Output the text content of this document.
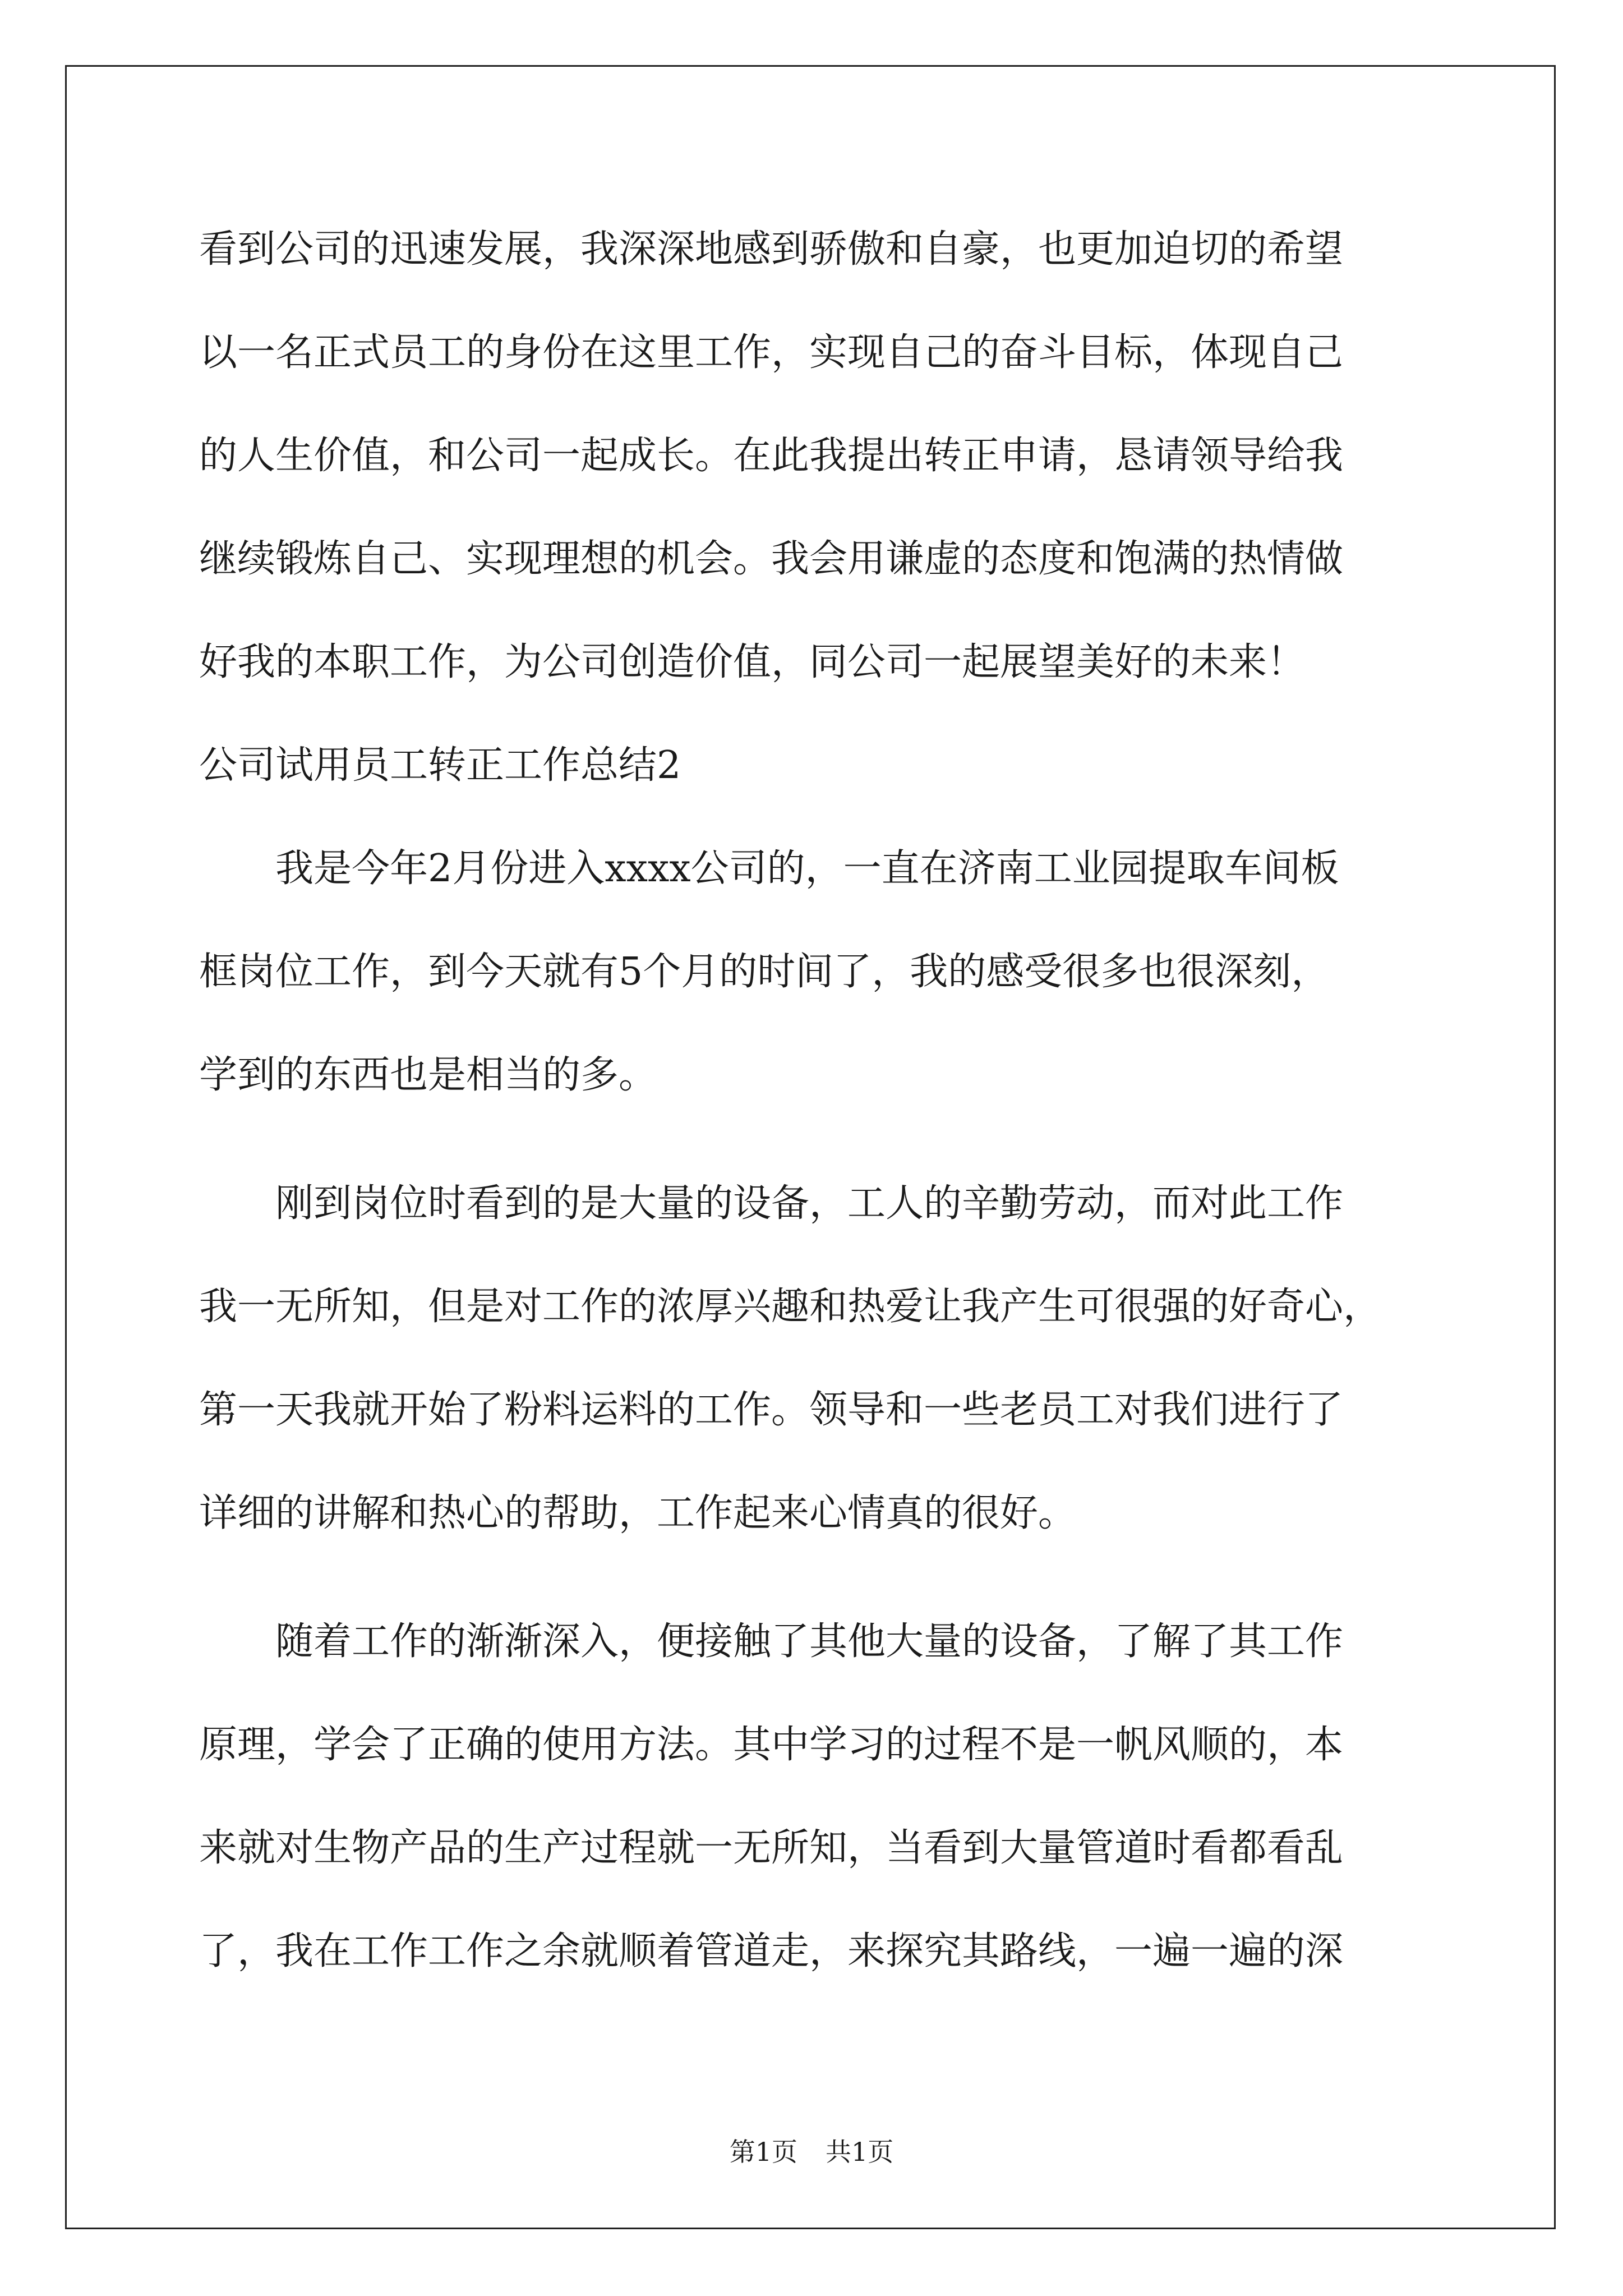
看到公司的迅速发展，我深深地感到骄傲和自豪，也更加迫切的希望

以一名正式员工的身份在这里工作，实现自己的奋斗目标，体现自己

的人生价值，和公司一起成长。在此我提出转正申请，恳请领导给我

继续锻炼自己、实现理想的机会。我会用谦虚的态度和饱满的热情做

好我的本职工作，为公司创造价值，同公司一起展望美好的未来！

公司试用员工转正工作总结2

　　我是今年2月份进入xxxx公司的，一直在济南工业园提取车间板

框岗位工作，到今天就有5个月的时间了，我的感受很多也很深刻，

学到的东西也是相当的多。

　　刚到岗位时看到的是大量的设备，工人的辛勤劳动，而对此工作

我一无所知，但是对工作的浓厚兴趣和热爱让我产生可很强的好奇心，

第一天我就开始了粉料运料的工作。领导和一些老员工对我们进行了

详细的讲解和热心的帮助，工作起来心情真的很好。

　　随着工作的渐渐深入，便接触了其他大量的设备，了解了其工作

原理，学会了正确的使用方法。其中学习的过程不是一帆风顺的，本

来就对生物产品的生产过程就一无所知，当看到大量管道时看都看乱

了，我在工作工作之余就顺着管道走，来探究其路线，一遍一遍的深

第1页 共1页
